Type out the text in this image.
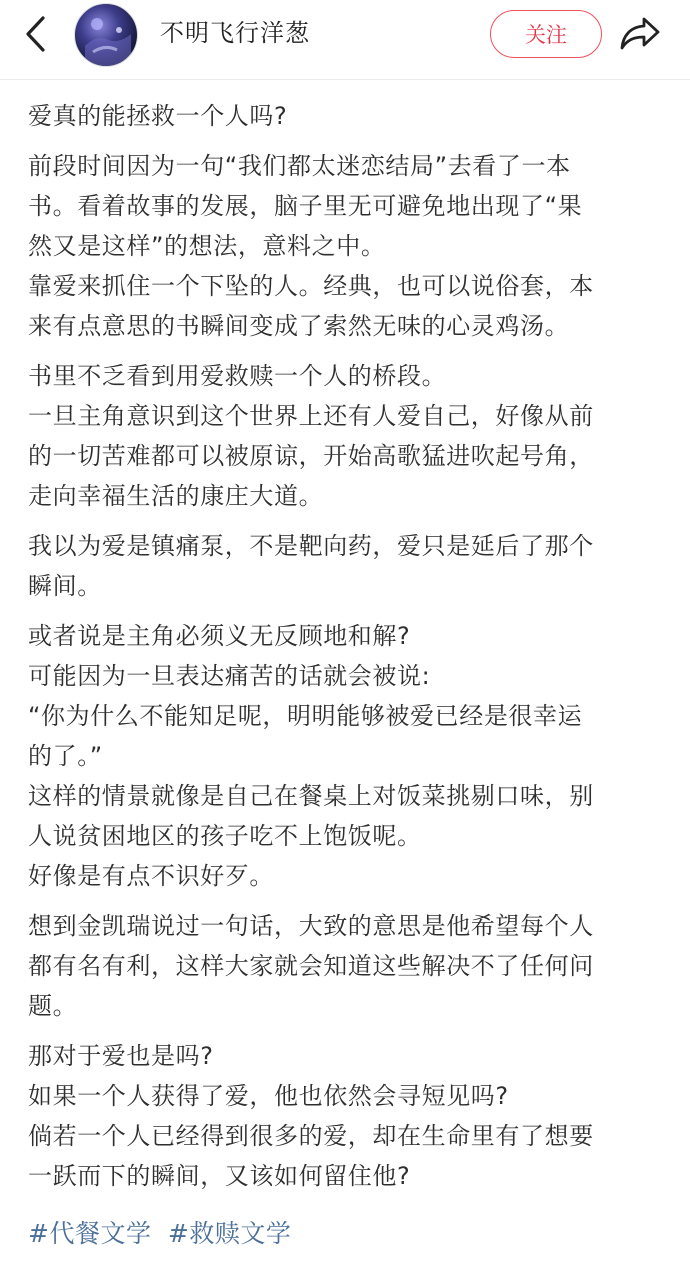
不明飞行洋葱	关注
爱真的能拯救一个人吗?
前段时间因为一句“我们都太迷恋结局”去看了一本
书。看着故事的发展，脑子里无可避免地出现了“果
然又是这样”的想法，意料之中。
靠爱来抓住一个下坠的人。经典，也可以说俗套，本
来有点意思的书瞬间变成了索然无味的心灵鸡汤。
书里不乏看到用爱救赎一个人的桥段。
一旦主角意识到这个世界上还有人爱自己，好像从前
的一切苦难都可以被原谅，开始高歌猛进吹起号角，
走向幸福生活的康庄大道。
我以为爱是镇痛泵，不是靶向药，爱只是延后了那个
瞬间。
或者说是主角必须义无反顾地和解?
可能因为一旦表达痛苦的话就会被说:
“你为什么不能知足呢，明明能够被爱已经是很幸运
的了。”
这样的情景就像是自己在餐桌上对饭菜挑剔口味，别
人说贫困地区的孩子吃不上饱饭呢。
好像是有点不识好歹。
想到金凯瑞说过一句话，大致的意思是他希望每个人
都有名有利，这样大家就会知道这些解决不了任何问
题。
那对于爱也是吗?
如果一个人获得了爱，他也依然会寻短见吗?
倘若一个人已经得到很多的爱，却在生命里有了想要
一跃而下的瞬间，又该如何留住他?
#代餐文学 #救赎文学
